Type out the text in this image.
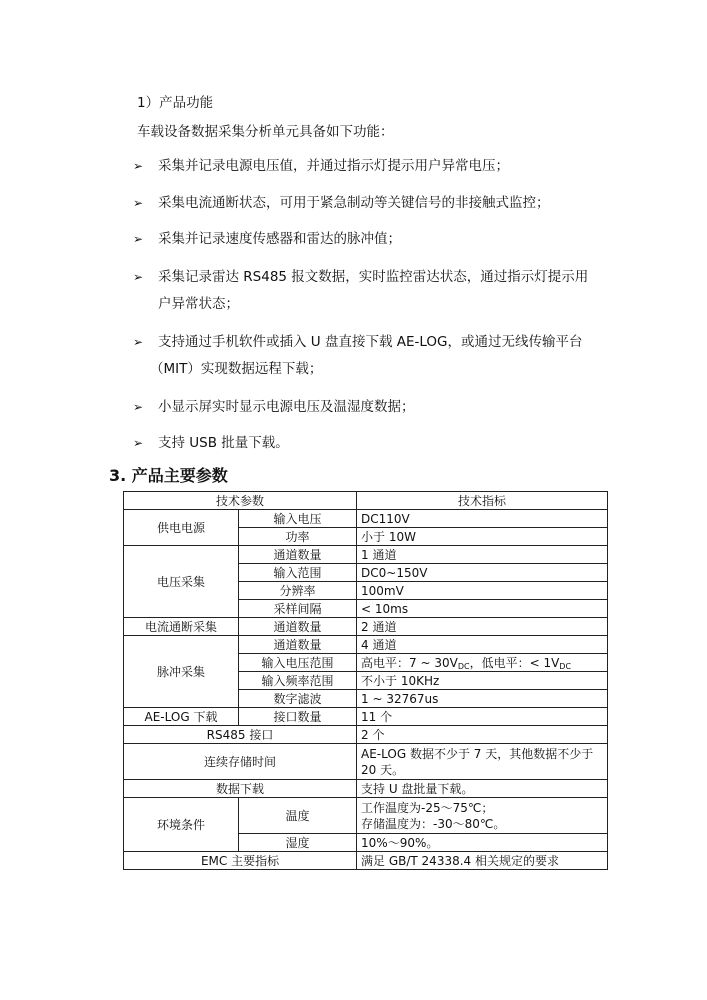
1）产品功能
车载设备数据采集分析单元具备如下功能：
➢ 采集并记录电源电压值，并通过指示灯提示用户异常电压；
➢ 采集电流通断状态，可用于紧急制动等关键信号的非接触式监控；
➢ 采集并记录速度传感器和雷达的脉冲值；
➢ 采集记录雷达 RS485 报文数据，实时监控雷达状态，通过指示灯提示用
户异常状态；
➢ 支持通过手机软件或插入 U 盘直接下载 AE-LOG，或通过无线传输平台
（MIT）实现数据远程下载；
➢ 小显示屏实时显示电源电压及温湿度数据；
➢ 支持 USB 批量下载。
3. 产品主要参数
技术参数		技术指标
供电电源	输入电压	DC110V
	功率	小于 10W
电压采集	通道数量	1 通道
	输入范围	DC0~150V
	分辨率	100mV
	采样间隔	< 10ms
电流通断采集	通道数量	2 通道
脉冲采集	通道数量	4 通道
	输入电压范围	高电平：7 ~ $30V_{DC}$，低电平：< $1V_{DC}$
	输入频率范围	不小于 10KHz
	数字滤波	1 ~ 32767us
AE-LOG 下载	接口数量	11 个
RS485 接口		2 个
连续存储时间		AE-LOG 数据不少于 7 天，其他数据不少于 20 天。
数据下载		支持 U 盘批量下载。
环境条件	温度	工作温度为-25～75℃；
存储温度为：-30～80℃。

	湿度	10%～90%。
EMC 主要指标		满足 GB/T 24338.4 相关规定的要求
